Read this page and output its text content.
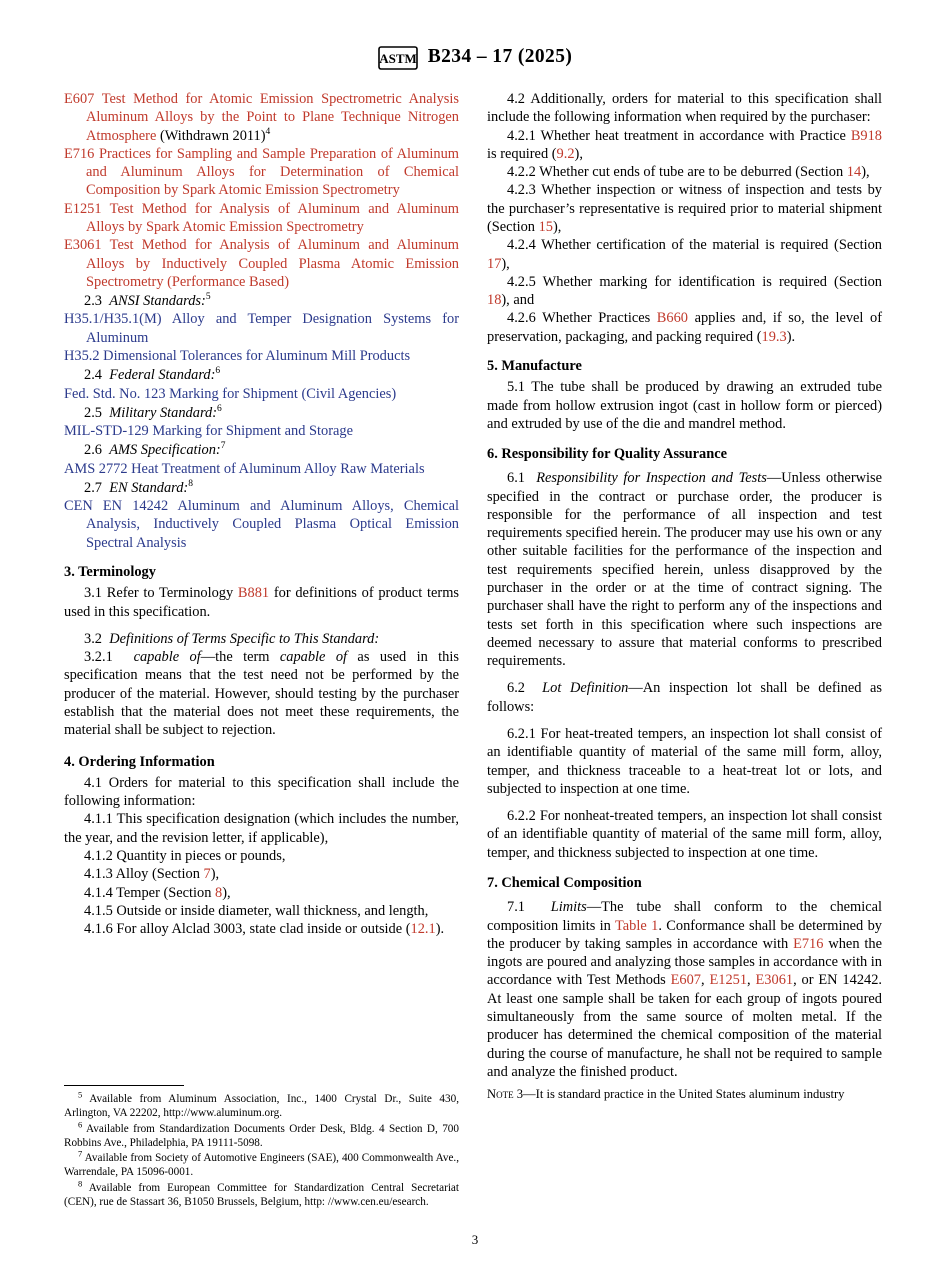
ASTM B234 – 17 (2025)

E607 Test Method for Atomic Emission Spectrometric Analysis Aluminum Alloys by the Point to Plane Technique Nitrogen Atmosphere (Withdrawn 2011)$^4$

E716 Practices for Sampling and Sample Preparation of Aluminum and Aluminum Alloys for Determination of Chemical Composition by Spark Atomic Emission Spectrometry

E1251 Test Method for Analysis of Aluminum and Aluminum Alloys by Spark Atomic Emission Spectrometry

E3061 Test Method for Analysis of Aluminum and Aluminum Alloys by Inductively Coupled Plasma Atomic Emission Spectrometry (Performance Based)

2.3 ANSI Standards:$^5$

H35.1/H35.1(M) Alloy and Temper Designation Systems for Aluminum

H35.2 Dimensional Tolerances for Aluminum Mill Products

2.4 Federal Standard:$^6$

Fed. Std. No. 123 Marking for Shipment (Civil Agencies)

2.5 Military Standard:$^6$

MIL-STD-129 Marking for Shipment and Storage

2.6 AMS Specification:$^7$

AMS 2772 Heat Treatment of Aluminum Alloy Raw Materials

2.7 EN Standard:$^8$

CEN EN 14242 Aluminum and Aluminum Alloys, Chemical Analysis, Inductively Coupled Plasma Optical Emission Spectral Analysis

3. Terminology

3.1 Refer to Terminology B881 for definitions of product terms used in this specification.

3.2 Definitions of Terms Specific to This Standard:

3.2.1 capable of—the term capable of as used in this specification means that the test need not be performed by the producer of the material. However, should testing by the purchaser establish that the material does not meet these requirements, the material shall be subject to rejection.

4. Ordering Information

4.1 Orders for material to this specification shall include the following information:

4.1.1 This specification designation (which includes the number, the year, and the revision letter, if applicable),

4.1.2 Quantity in pieces or pounds,

4.1.3 Alloy (Section 7),

4.1.4 Temper (Section 8),

4.1.5 Outside or inside diameter, wall thickness, and length,

4.1.6 For alloy Alclad 3003, state clad inside or outside (12.1).

4.2 Additionally, orders for material to this specification shall include the following information when required by the purchaser:

4.2.1 Whether heat treatment in accordance with Practice B918 is required (9.2),

4.2.2 Whether cut ends of tube are to be deburred (Section 14),

4.2.3 Whether inspection or witness of inspection and tests by the purchaser’s representative is required prior to material shipment (Section 15),

4.2.4 Whether certification of the material is required (Section 17),

4.2.5 Whether marking for identification is required (Section 18), and

4.2.6 Whether Practices B660 applies and, if so, the level of preservation, packaging, and packing required (19.3).

5. Manufacture

5.1 The tube shall be produced by drawing an extruded tube made from hollow extrusion ingot (cast in hollow form or pierced) and extruded by use of the die and mandrel method.

6. Responsibility for Quality Assurance

6.1 Responsibility for Inspection and Tests—Unless otherwise specified in the contract or purchase order, the producer is responsible for the performance of all inspection and test requirements specified herein. The producer may use his own or any other suitable facilities for the performance of the inspection and test requirements specified herein, unless disapproved by the purchaser in the order or at the time of contract signing. The purchaser shall have the right to perform any of the inspections and tests set forth in this specification where such inspections are deemed necessary to assure that material conforms to prescribed requirements.

6.2 Lot Definition—An inspection lot shall be defined as follows:

6.2.1 For heat-treated tempers, an inspection lot shall consist of an identifiable quantity of material of the same mill form, alloy, temper, and thickness traceable to a heat-treat lot or lots, and subjected to inspection at one time.

6.2.2 For nonheat-treated tempers, an inspection lot shall consist of an identifiable quantity of material of the same mill form, alloy, temper, and thickness subjected to inspection at one time.

7. Chemical Composition

7.1 Limits—The tube shall conform to the chemical composition limits in Table 1. Conformance shall be determined by the producer by taking samples in accordance with E716 when the ingots are poured and analyzing those samples in accordance with in accordance with Test Methods E607, E1251, E3061, or EN 14242. At least one sample shall be taken for each group of ingots poured simultaneously from the same source of molten metal. If the producer has determined the chemical composition of the material during the course of manufacture, he shall not be required to sample and analyze the finished product.

Note 3—It is standard practice in the United States aluminum industry

$^5$ Available from Aluminum Association, Inc., 1400 Crystal Dr., Suite 430, Arlington, VA 22202, http://www.aluminum.org.

$^6$ Available from Standardization Documents Order Desk, Bldg. 4 Section D, 700 Robbins Ave., Philadelphia, PA 19111-5098.

$^7$ Available from Society of Automotive Engineers (SAE), 400 Commonwealth Ave., Warrendale, PA 15096-0001.

$^8$ Available from European Committee for Standardization Central Secretariat (CEN), rue de Stassart 36, B1050 Brussels, Belgium, http: //www.cen.eu/esearch.

3
